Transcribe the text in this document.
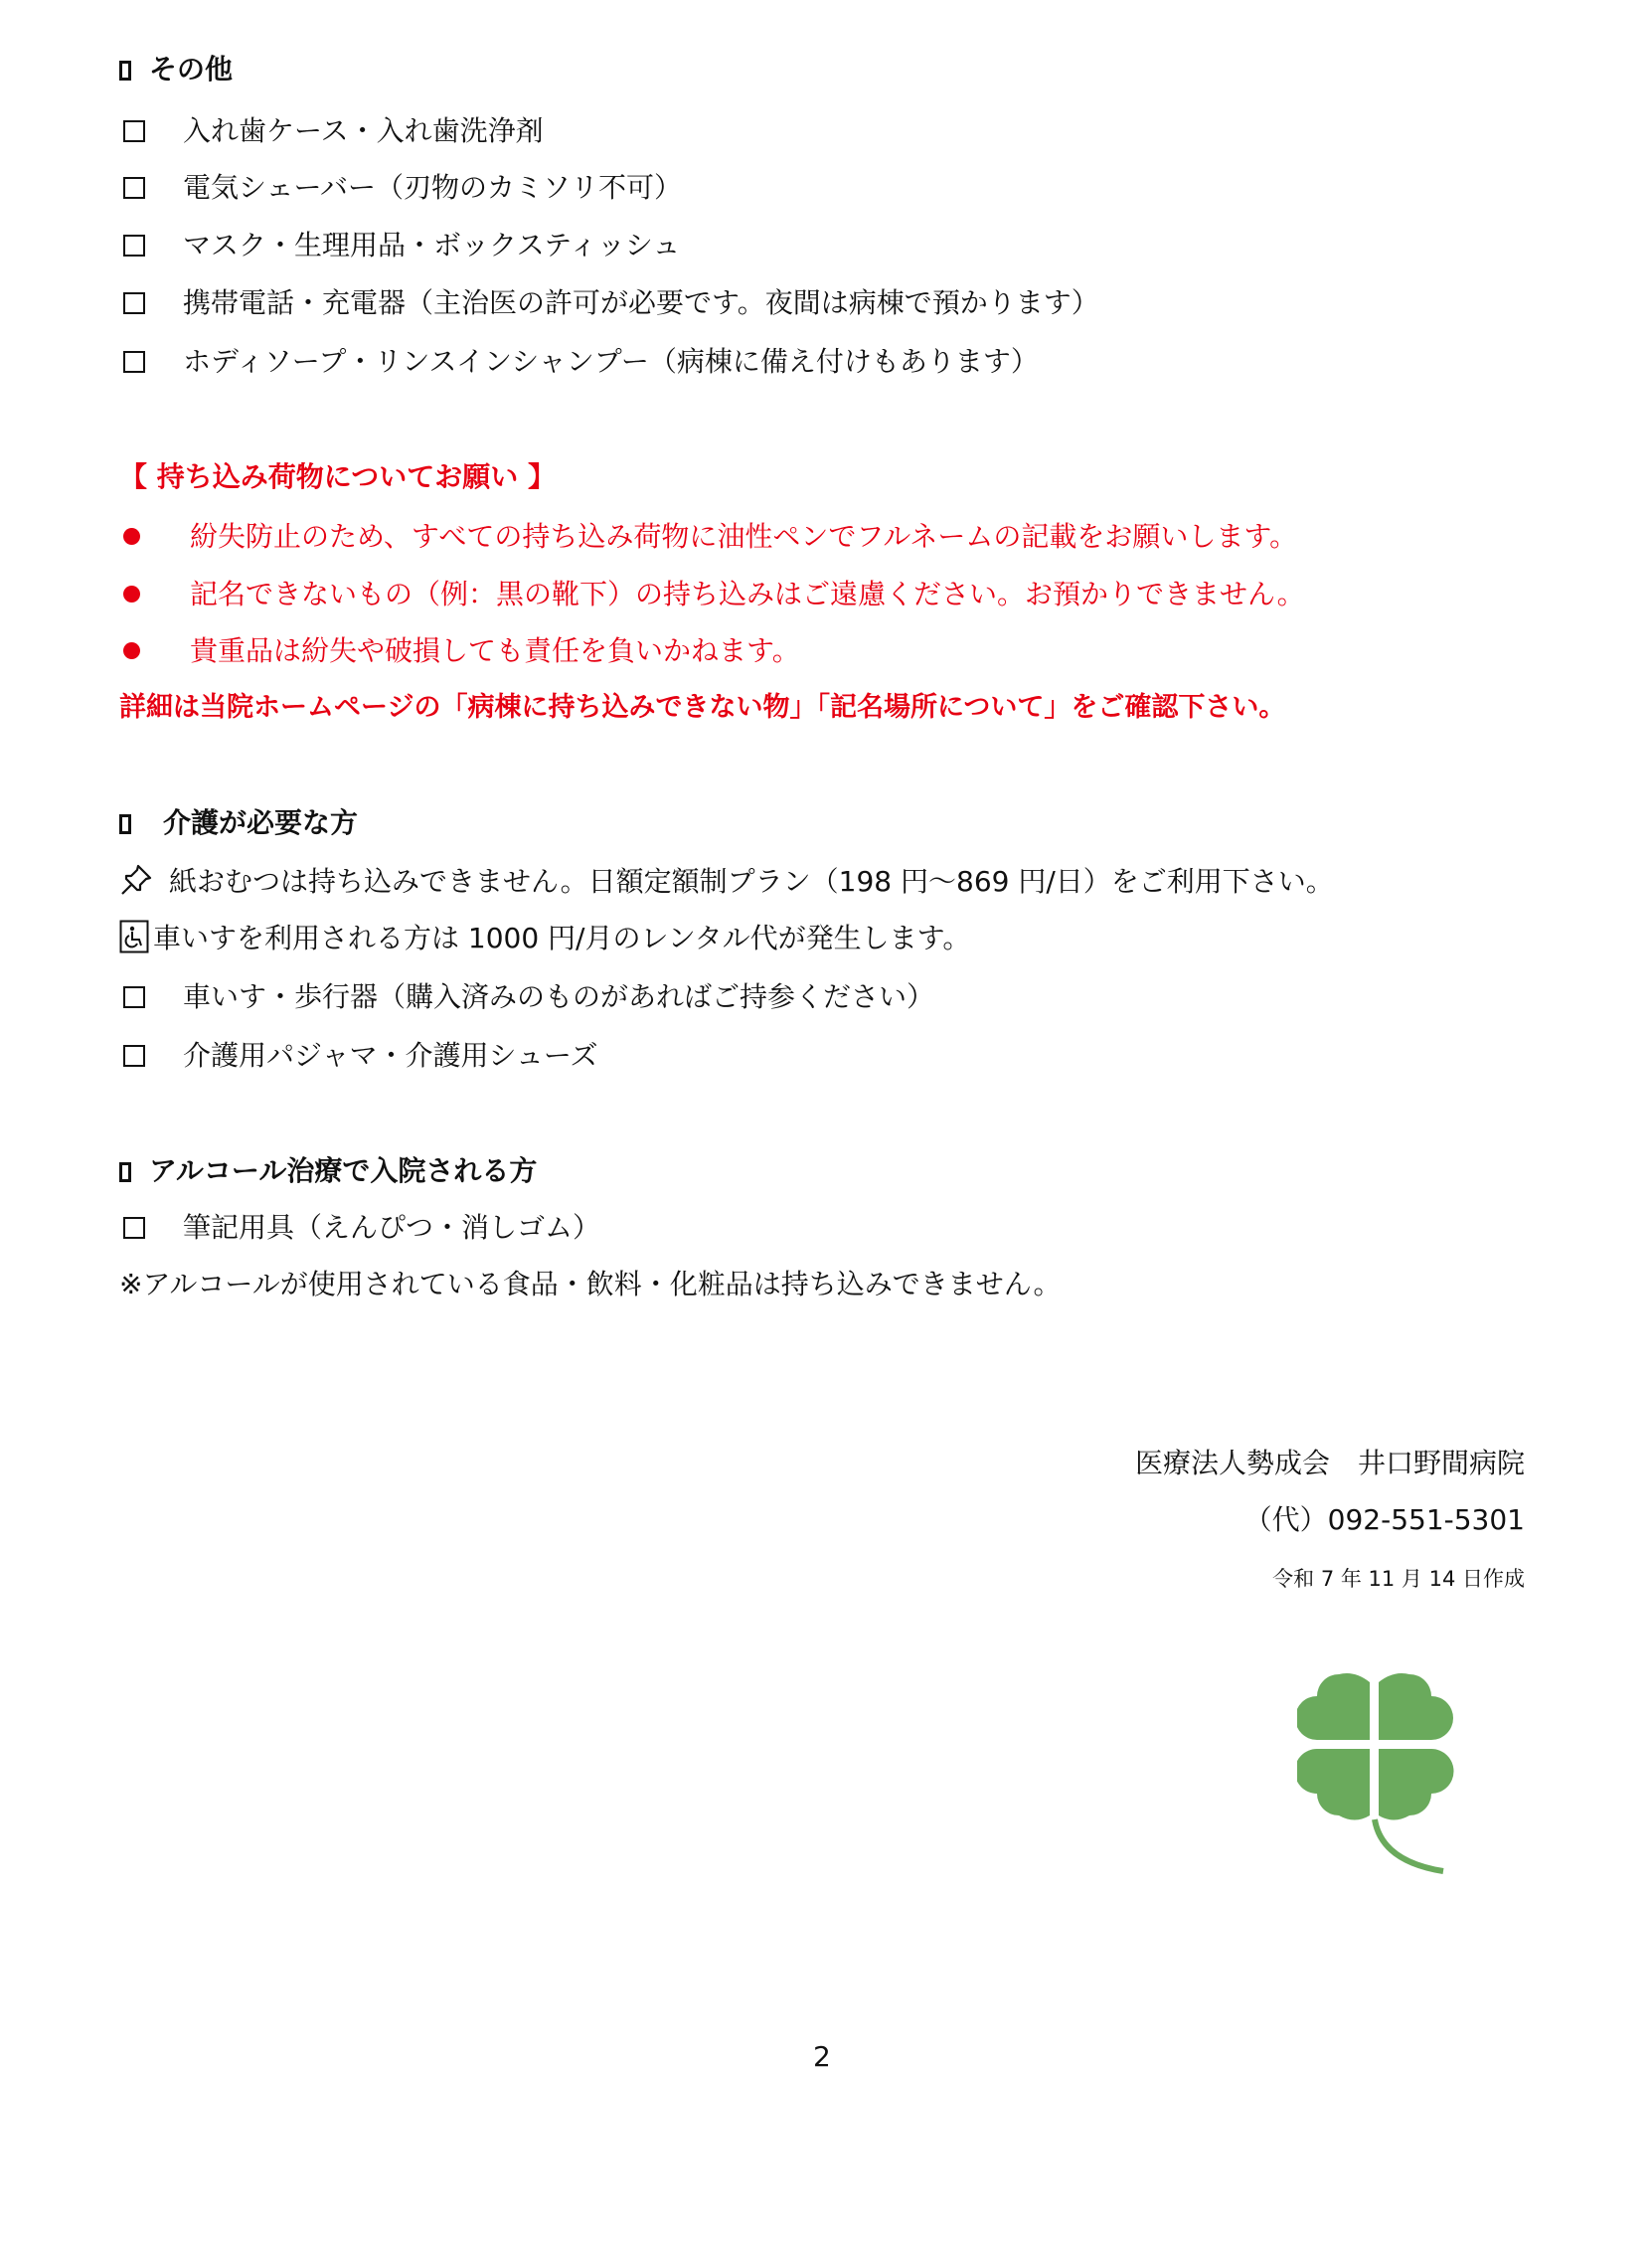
その他
入れ歯ケース・入れ歯洗浄剤
電気シェーバー（刃物のカミソリ不可）
マスク・生理用品・ボックスティッシュ
携帯電話・充電器（主治医の許可が必要です。夜間は病棟で預かります）
ホディソープ・リンスインシャンプー（病棟に備え付けもあります）
【 持ち込み荷物についてお願い 】
紛失防止のため、すべての持ち込み荷物に油性ペンでフルネームの記載をお願いします。
記名できないもの（例：黒の靴下）の持ち込みはご遠慮ください。お預かりできません。
貴重品は紛失や破損しても責任を負いかねます。
詳細は当院ホームページの「病棟に持ち込みできない物」「記名場所について」をご確認下さい。
介護が必要な方
紙おむつは持ち込みできません。日額定額制プラン（198 円～869 円/日）をご利用下さい。
車いすを利用される方は 1000 円/月のレンタル代が発生します。
車いす・歩行器（購入済みのものがあればご持参ください）
介護用パジャマ・介護用シューズ
アルコール治療で入院される方
筆記用具（えんぴつ・消しゴム）
※アルコールが使用されている食品・飲料・化粧品は持ち込みできません。
医療法人勢成会　井口野間病院
（代）092-551-5301
令和 7 年 11 月 14 日作成
2
